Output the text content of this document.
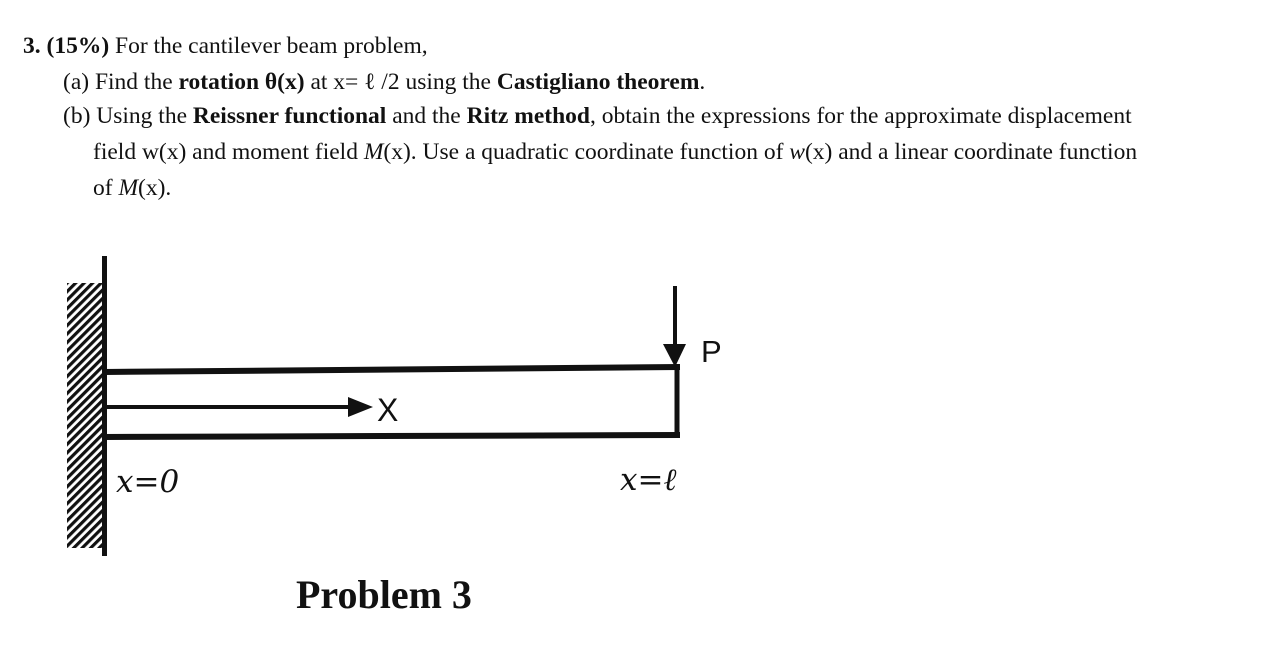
3. (15%) For the cantilever beam problem,
(a) Find the rotation θ(x) at x= ℓ /2 using the Castigliano theorem.
(b) Using the Reissner functional and the Ritz method, obtain the expressions for the approximate displacement
field w(x) and moment field M(x). Use a quadratic coordinate function of w(x) and a linear coordinate function
of M(x).
x=0	x=ℓ
X
P
Problem 3
